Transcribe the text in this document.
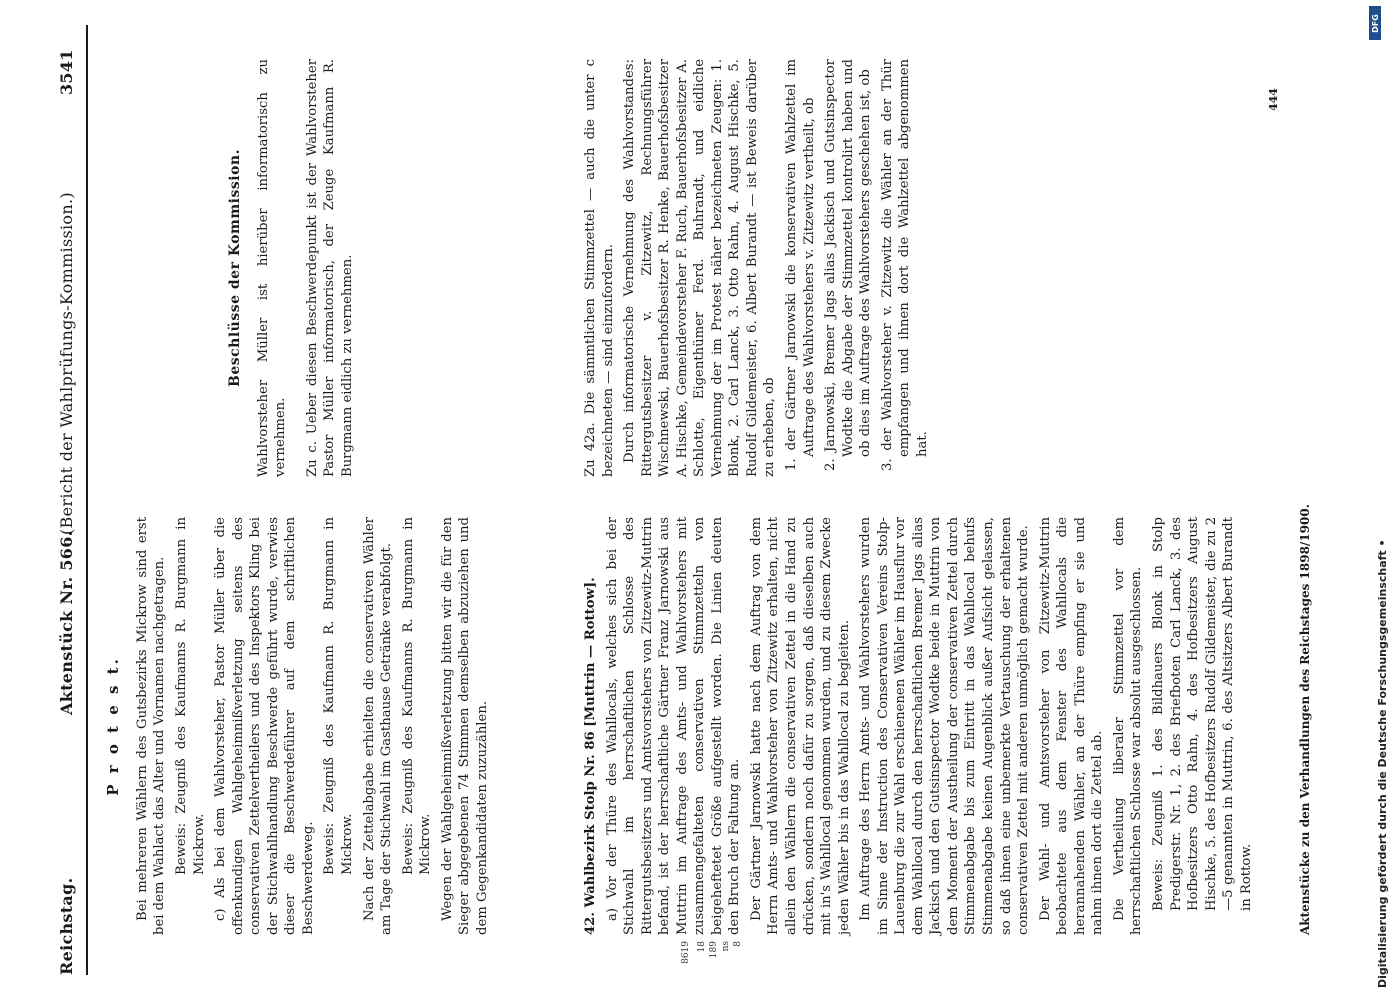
Reichstag.
Aktenstück Nr. 566.
(Bericht der Wahlprüfungs-Kommission.)
3541
P r o t e s t. Bei mehreren Wählern des Gutsbezirks Mickrow sind erst bei dem Wahlact das Alter und Vornamen nachgetragen. Beweis: Zeugniß des Kaufmanns R. Burgmann in Mickrow. c) Als bei dem Wahlvorsteher, Pastor Müller über die offenkundigen Wahlgeheimnißverletzung seitens des conservativen Zettelvertheilers und des Inspektors Kling bei der Stichwahlhandlung Beschwerde geführt wurde, verwies dieser die Beschwerdeführer auf dem schriftlichen Beschwerdeweg.

Beweis: Zeugniß des Kaufmann R. Burgmann in Mickrow. Nach der Zettelabgabe erhielten die conservativen Wähler am Tage der Stichwahl im Gasthause Getränke verabfolgt. Beweis: Zeugniß des Kaufmanns R. Burgmann in Mickrow. Wegen der Wahlgeheimnißverletzung bitten wir die für den Sieger abgegebenen 74 Stimmen demselben abzuziehen und dem Gegenkandidaten zuzuzählen.	42. Wahlbezirk Stolp Nr. 86 [Muttrin — Rottow]. a) Vor der Thüre des Wahllocals, welches sich bei der Stichwahl im herrschaftlichen Schlosse des Rittergutsbesitzers und Amtsvorstehers von Zitzewitz-Muttrin befand, ist der herrschaftliche Gärtner Franz Jarnowski aus Muttrin im Auftrage des Amts- und Wahlvorstehers mit zusammengefalteten conservativen Stimmzetteln von beigeheftetet Größe aufgestellt worden. Die Linien deuten den Bruch der Faltung an. Der Gärtner Jarnowski hatte nach dem Auftrag von dem Herrn Amts- und Wahlvorsteher von Zitzewitz erhalten, nicht allein den Wählern die conservativen Zettel in die Hand zu drücken, sondern noch dafür zu sorgen, daß dieselben auch mit in's Wahllocal genommen wurden, und zu diesem Zwecke jeden Wähler bis in das Wahllocal zu begleiten. Im Auftrage des Herrn Amts- und Wahlvorstehers wurden im Sinne der Instruction des Conservativen Vereins Stolp-Lauenburg die zur Wahl erschienenen Wähler im Hausflur vor dem Wahllocal durch den herrschaftlichen Bremer Jags alias Jackisch und den Gutsinspector Wodtke beide in Muttrin von dem Moment der Austheilung der conservativen Zettel durch Stimmenabgabe bis zum Eintritt in das Wahllocal behufs Stimmenabgabe keinen Augenblick außer Aufsicht gelassen, so daß ihnen eine unbemerkte Vertauschung der erhaltenen conservativen Zettel mit anderen unmöglich gemacht wurde. Der Wahl- und Amtsvorsteher von Zitzewitz-Muttrin beobachtete aus dem Fenster des Wahllocals die herannahenden Wähler, an der Thüre empfing er sie und nahm ihnen dort die Zettel ab. Die Vertheilung liberaler Stimmzettel vor dem herrschaftlichen Schlosse war absolut ausgeschlossen. Beweis: Zeugniß 1. des Bildhauers Blonk in Stolp Predigerstr. Nr. 1, 2. des Briefboten Carl Lanck, 3. des Hofbesitzers Otto Rahn, 4. des Hofbesitzers August Hischke, 5. des Hofbesitzers Rudolf Gildemeister, die zu 2—5 genannten in Muttrin, 6. des Altsitzers Albert Burandt in Rottow.

8619 18 189 ns 8
Beschlüsse der Kommission. Wahlvorsteher Müller ist hierüber informatorisch zu vernehmen. Zu c. Ueber diesen Beschwerdepunkt ist der Wahlvorsteher Pastor Müller informatorisch, der Zeuge Kaufmann R. Burgmann eidlich zu vernehmen.	Zu 42a. Die sämmtlichen Stimmzettel — auch die unter c bezeichneten — sind einzufordern. Durch informatorische Vernehmung des Wahlvorstandes: Rittergutsbesitzer v. Zitzewitz, Rechnungsführer Wischnewski, Bauerhofsbesitzer R. Henke, Bauerhofsbesitzer A. Hischke, Gemeindevorsteher F. Ruch, Bauerhofsbesitzer A. Schlotte, Eigenthümer Ferd. Buhrandt, und eidliche Vernehmung der im Protest näher bezeichneten Zeugen: 1. Blonk, 2. Carl Lanck, 3. Otto Rahn, 4. August Hischke, 5. Rudolf Gildemeister, 6. Albert Burandt — ist Beweis darüber zu erheben, ob 1. der Gärtner Jarnowski die konservativen Wahlzettel im Auftrage des Wahlvorstehers v. Zitzewitz vertheilt, ob 2. Jarnowski, Bremer Jags alias Jackisch und Gutsinspector Wodtke die Abgabe der Stimmzettel kontrolirt haben und ob dies im Auftrage des Wahlvorstehers geschehen ist, ob 3. der Wahlvorsteher v. Zitzewitz die Wähler an der Thür empfangen und ihnen dort die Wahlzettel abgenommen hat.

444
Aktenstücke zu den Verhandlungen des Reichstages 1898/1900.
DFG
Digitalisierung gefördert durch die Deutsche Forschungsgemeinschaft •
